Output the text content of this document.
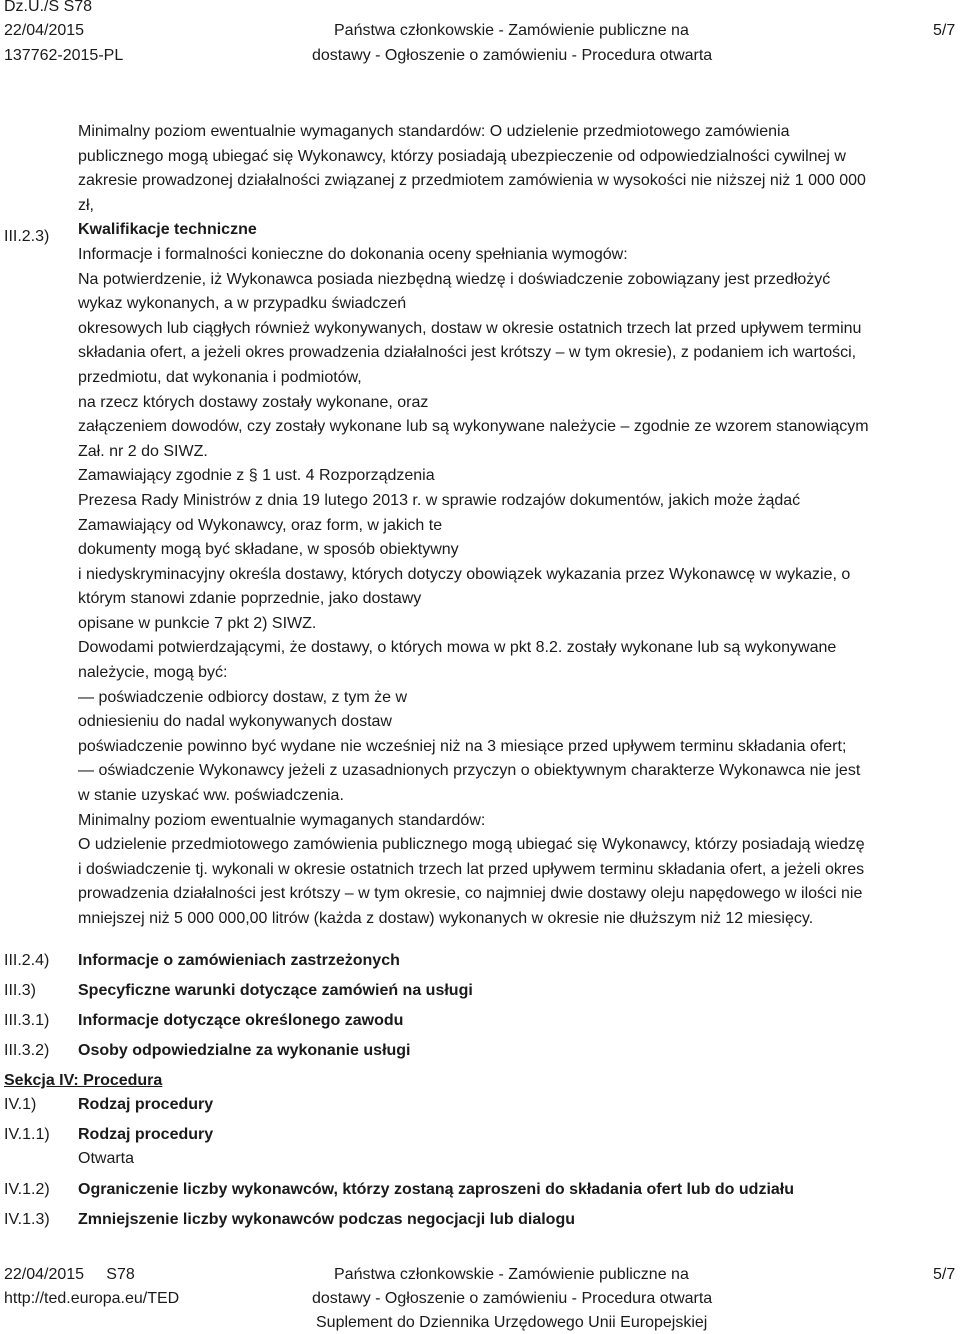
Dz.U./S S78
22/04/2015
137762-2015-PL
Państwa członkowskie - Zamówienie publiczne na
dostawy - Ogłoszenie o zamówieniu - Procedura otwarta
5/7
Minimalny poziom ewentualnie wymaganych standardów: O udzielenie przedmiotowego zamówienia
publicznego mogą ubiegać się Wykonawcy, którzy posiadają ubezpieczenie od odpowiedzialności cywilnej w
zakresie prowadzonej działalności związanej z przedmiotem zamówienia w wysokości nie niższej niż 1 000 000
zł,
Kwalifikacje techniczne
Informacje i formalności konieczne do dokonania oceny spełniania wymogów:
Na potwierdzenie, iż Wykonawca posiada niezbędną wiedzę i doświadczenie zobowiązany jest przedłożyć
wykaz wykonanych, a w przypadku świadczeń
okresowych lub ciągłych również wykonywanych, dostaw w okresie ostatnich trzech lat przed upływem terminu
składania ofert, a jeżeli okres prowadzenia działalności jest krótszy – w tym okresie), z podaniem ich wartości,
przedmiotu, dat wykonania i podmiotów,
na rzecz których dostawy zostały wykonane, oraz
załączeniem dowodów, czy zostały wykonane lub są wykonywane należycie – zgodnie ze wzorem stanowiącym
Zał. nr 2 do SIWZ.
Zamawiający zgodnie z § 1 ust. 4 Rozporządzenia
Prezesa Rady Ministrów z dnia 19 lutego 2013 r. w sprawie rodzajów dokumentów, jakich może żądać
Zamawiający od Wykonawcy, oraz form, w jakich te
dokumenty mogą być składane, w sposób obiektywny
i niedyskryminacyjny określa dostawy, których dotyczy obowiązek wykazania przez Wykonawcę w wykazie, o
którym stanowi zdanie poprzednie, jako dostawy
opisane w punkcie 7 pkt 2) SIWZ.
Dowodami potwierdzającymi, że dostawy, o których mowa w pkt 8.2. zostały wykonane lub są wykonywane
należycie, mogą być:
— poświadczenie odbiorcy dostaw, z tym że w
odniesieniu do nadal wykonywanych dostaw
poświadczenie powinno być wydane nie wcześniej niż na 3 miesiące przed upływem terminu składania ofert;
— oświadczenie Wykonawcy jeżeli z uzasadnionych przyczyn o obiektywnym charakterze Wykonawca nie jest
w stanie uzyskać ww. poświadczenia.
Minimalny poziom ewentualnie wymaganych standardów:
O udzielenie przedmiotowego zamówienia publicznego mogą ubiegać się Wykonawcy, którzy posiadają wiedzę
i doświadczenie tj. wykonali w okresie ostatnich trzech lat przed upływem terminu składania ofert, a jeżeli okres
prowadzenia działalności jest krótszy – w tym okresie, co najmniej dwie dostawy oleju napędowego w ilości nie
mniejszej niż 5 000 000,00 litrów (każda z dostaw) wykonanych w okresie nie dłuższym niż 12 miesięcy.
III.2.3)
III.2.4) Informacje o zamówieniach zastrzeżonych
III.3)	Specyficzne warunki dotyczące zamówień na usługi
III.3.1) Informacje dotyczące określonego zawodu
III.3.2) Osoby odpowiedzialne za wykonanie usługi
Sekcja IV: Procedura
IV.1)	Rodzaj procedury
IV.1.1) Rodzaj procedury
Otwarta
IV.1.2) Ograniczenie liczby wykonawców, którzy zostaną zaproszeni do składania ofert lub do udziału
IV.1.3) Zmniejszenie liczby wykonawców podczas negocjacji lub dialogu
22/04/2015     S78
http://ted.europa.eu/TED
Państwa członkowskie - Zamówienie publiczne na
dostawy - Ogłoszenie o zamówieniu - Procedura otwarta
Suplement do Dziennika Urzędowego Unii Europejskiej
5/7
